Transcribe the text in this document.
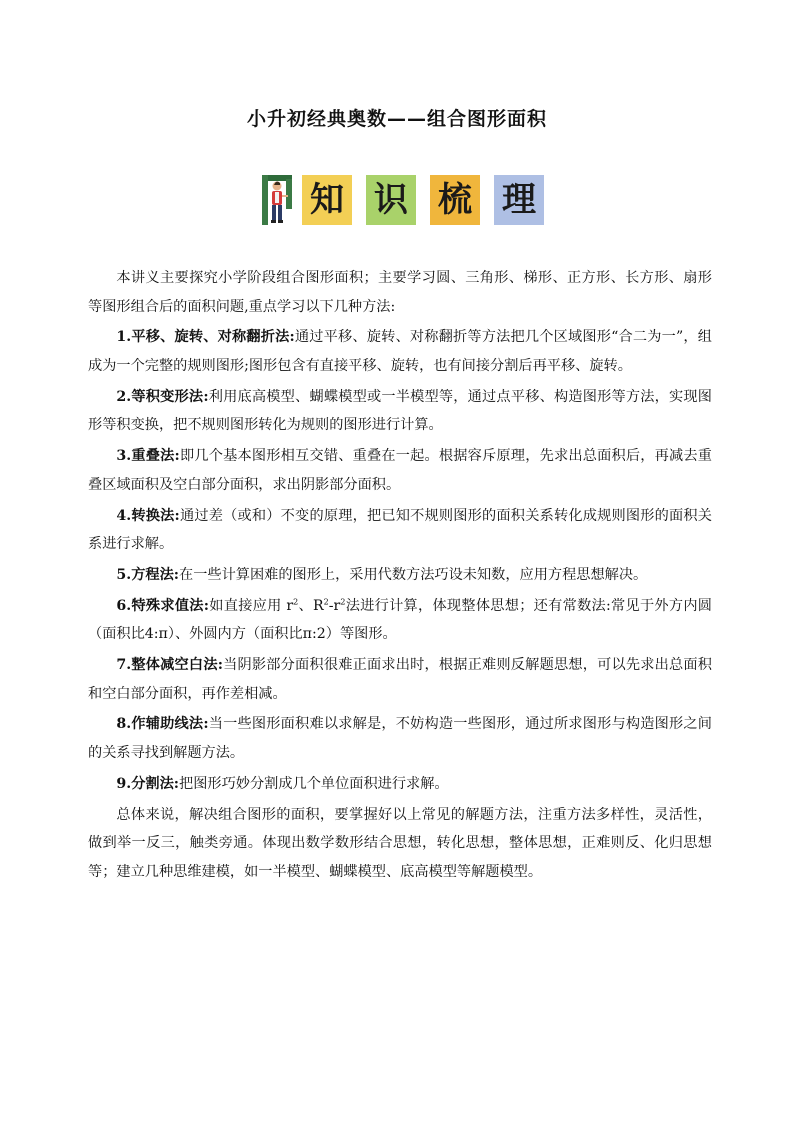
小升初经典奥数——组合图形面积
知 识 梳 理

本讲义主要探究小学阶段组合图形面积；主要学习圆、三角形、梯形、正方形、长方形、扇形等图形组合后的面积问题,重点学习以下几种方法:

1.平移、旋转、对称翻折法:通过平移、旋转、对称翻折等方法把几个区域图形“合二为一”，组成为一个完整的规则图形;图形包含有直接平移、旋转，也有间接分割后再平移、旋转。

2.等积变形法:利用底高模型、蝴蝶模型或一半模型等，通过点平移、构造图形等方法，实现图形等积变换，把不规则图形转化为规则的图形进行计算。

3.重叠法:即几个基本图形相互交错、重叠在一起。根据容斥原理，先求出总面积后，再减去重叠区域面积及空白部分面积，求出阴影部分面积。

4.转换法:通过差（或和）不变的原理，把已知不规则图形的面积关系转化成规则图形的面积关系进行求解。

5.方程法:在一些计算困难的图形上，采用代数方法巧设未知数，应用方程思想解决。

6.特殊求值法:如直接应用 $r^2$、$R^2-r^2$法进行计算，体现整体思想；还有常数法:常见于外方内圆（面积比4:π）、外圆内方（面积比π:2）等图形。

7.整体减空白法:当阴影部分面积很难正面求出时，根据正难则反解题思想，可以先求出总面积和空白部分面积，再作差相减。

8.作辅助线法:当一些图形面积难以求解是，不妨构造一些图形，通过所求图形与构造图形之间的关系寻找到解题方法。

9.分割法:把图形巧妙分割成几个单位面积进行求解。

总体来说，解决组合图形的面积，要掌握好以上常见的解题方法，注重方法多样性，灵活性，做到举一反三，触类旁通。体现出数学数形结合思想，转化思想，整体思想，正难则反、化归思想等；建立几种思维建模，如一半模型、蝴蝶模型、底高模型等解题模型。
